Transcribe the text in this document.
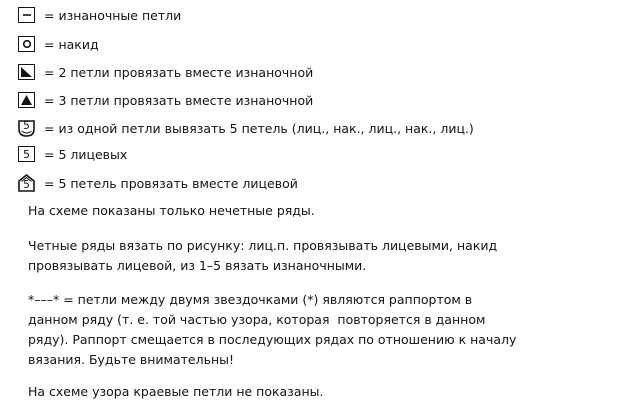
= изнаночные петли
= накид
= 2 петли провязать вместе изнаночной
= 3 петли провязать вместе изнаночной
5	= из одной петли вывязать 5 петель (лиц., нак., лиц., нак., лиц.)
5 = 5 лицевых
5	= 5 петель провязать вместе лицевой

На схеме показаны только нечетные ряды.

Четные ряды вязать по рисунку: лиц.п. провязывать лицевыми, накид
провязывать лицевой, из 1–5 вязать изнаночными.

*–––* = петли между двумя звездочками (*) являются раппортом в
данном ряду (т. е. той частью узора, которая  повторяется в данном
ряду). Раппорт смещается в последующих рядах по отношению к началу
вязания. Будьте внимательны!

На схеме узора краевые петли не показаны.
